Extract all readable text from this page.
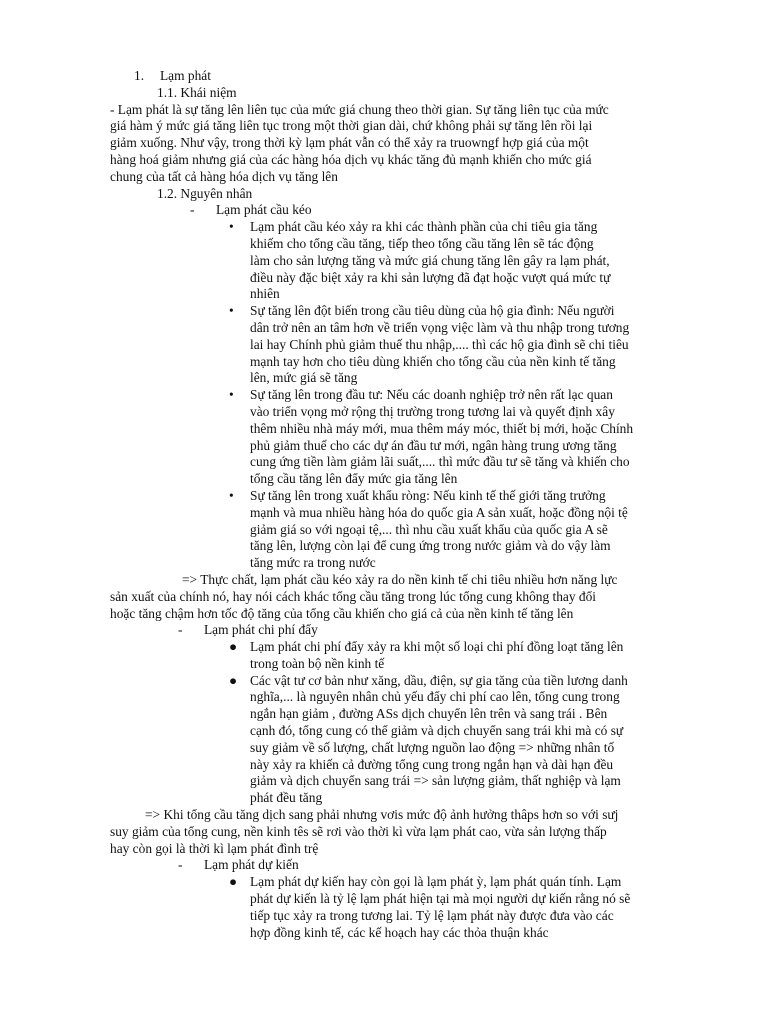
1. Lạm phát

1.1. Khái niệm

- Lạm phát là sự tăng lên liên tục của mức giá chung theo thời gian. Sự tăng liên tục của mức

giá hàm ý mức giá tăng liên tục trong một thời gian dài, chứ không phải sự tăng lên rồi lại

giảm xuống. Như vậy, trong thời kỳ lạm phát vẫn có thể xảy ra truowngf hợp giá của một

hàng hoá giảm nhưng giá của các hàng hóa dịch vụ khác tăng đủ mạnh khiến cho mức giá

chung của tất cả hàng hóa dịch vụ tăng lên

1.2. Nguyên nhân

- Lạm phát cầu kéo

• Lạm phát cầu kéo xảy ra khi các thành phần của chi tiêu gia tăng

khiếm cho tổng cầu tăng, tiếp theo tổng cầu tăng lên sẽ tác động

làm cho sản lượng tăng và mức giá chung tăng lên gây ra lạm phát,

điều này đặc biệt xảy ra khi sản lượng đã đạt hoặc vượt quá mức tự

nhiên

• Sự tăng lên đột biến trong cầu tiêu dùng của hộ gia đình: Nếu người

dân trở nên an tâm hơn về triển vọng việc làm và thu nhập trong tương

lai hay Chính phủ giảm thuế thu nhập,.... thì các hộ gia đình sẽ chi tiêu

mạnh tay hơn cho tiêu dùng khiến cho tổng cầu của nền kinh tế tăng

lên, mức giá sẽ tăng

• Sự tăng lên trong đầu tư: Nếu các doanh nghiệp trở nên rất lạc quan

vào triển vọng mở rộng thị trường trong tương lai và quyết định xây

thêm nhiều nhà máy mới, mua thêm máy móc, thiết bị mới, hoặc Chính

phủ giảm thuế cho các dự án đầu tư mới, ngân hàng trung ương tăng

cung ứng tiền làm giảm lãi suất,.... thì mức đầu tư sẽ tăng và khiến cho

tổng cầu tăng lên đẩy mức gia tăng lên

• Sự tăng lên trong xuất khẩu ròng: Nếu kinh tế thế giới tăng trưởng

mạnh và mua nhiều hàng hóa do quốc gia A sản xuất, hoặc đồng nội tệ

giảm giá so với ngoại tệ,... thì nhu cầu xuất khẩu của quốc gia A sẽ

tăng lên, lượng còn lại để cung ứng trong nước giảm và do vậy làm

tăng mức ra trong nước

=> Thực chất, lạm phát cầu kéo xảy ra do nền kinh tế chi tiêu nhiều hơn năng lực

sản xuất của chính nó, hay nói cách khác tổng cầu tăng trong lúc tổng cung không thay đổi

hoặc tăng chậm hơn tốc độ tăng của tổng cầu khiến cho giá cả của nền kinh tế tăng lên

- Lạm phát chi phí đẩy

● Lạm phát chi phí đẩy xảy ra khi một số loại chi phí đồng loạt tăng lên

trong toàn bộ nền kinh tế

● Các vật tư cơ bản như xăng, dầu, điện, sự gia tăng của tiền lương danh

nghĩa,... là nguyên nhân chủ yếu đẩy chi phí cao lên, tổng cung trong

ngắn hạn giảm , đường ASs dịch chuyển lên trên và sang trái . Bên

cạnh đó, tổng cung có thể giảm và dịch chuyển sang trái khi mà có sự

suy giảm về số lượng, chất lượng nguồn lao động => những nhân tố

này xảy ra khiến cả đường tổng cung trong ngắn hạn và dài hạn đều

giảm và dịch chuyển sang trái => sản lượng giảm, thất nghiệp và lạm

phát đều tăng

=> Khi tổng cầu tăng dịch sang phải nhưng vơis mức độ ảnh hưởng thâps hơn so với sưj

suy giảm của tổng cung, nền kinh tês sẽ rơi vào thời kì vừa lạm phát cao, vừa sản lượng thấp

hay còn gọi là thời kì lạm phát đình trệ

- Lạm phát dự kiến

● Lạm phát dự kiến hay còn gọi là lạm phát ỳ, lạm phát quán tính. Lạm

phát dự kiến là tỷ lệ lạm phát hiện tại mà mọi người dự kiến rằng nó sẽ

tiếp tục xảy ra trong tương lai. Tỷ lệ lạm phát này được đưa vào các

hợp đồng kinh tế, các kế hoạch hay các thỏa thuận khác
